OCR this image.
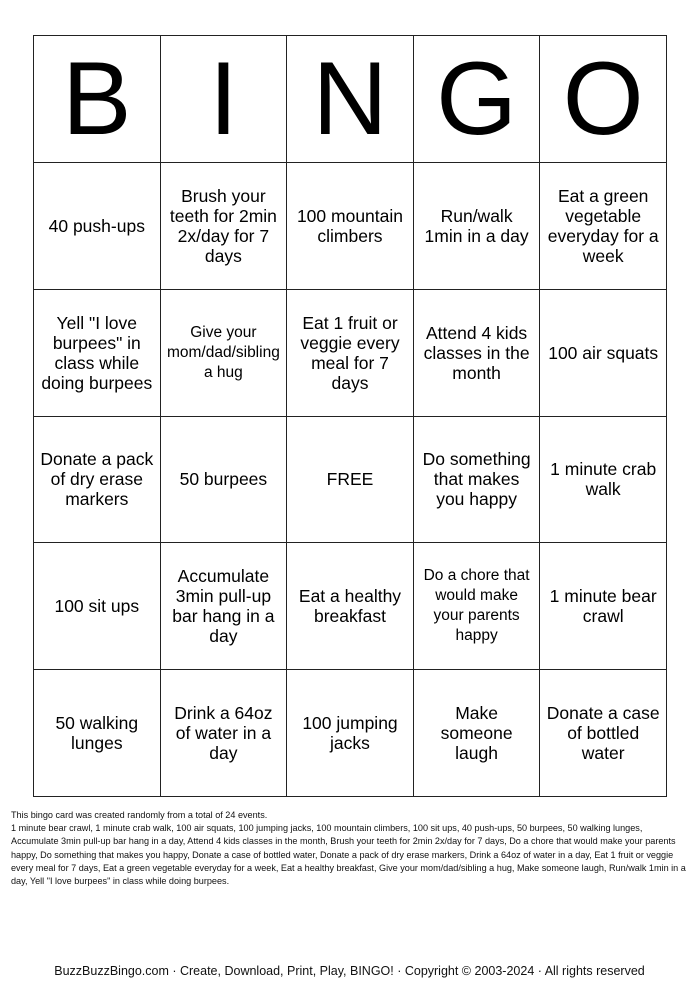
B I N G O
40 push-ups
Brush your teeth for 2min 2x/day for 7 days
100 mountain climbers
Run/walk 1min in a day
Eat a green vegetable everyday for a week
Yell "I love burpees" in class while doing burpees
Give your mom/dad/sibling a hug
Eat 1 fruit or veggie every meal for 7 days
Attend 4 kids classes in the month
100 air squats
Donate a pack of dry erase markers
50 burpees	FREE
Do something that makes you happy
1 minute crab walk
100 sit ups
Accumulate 3min pull-up bar hang in a day
Eat a healthy breakfast
Do a chore that would make your parents happy
1 minute bear crawl
50 walking lunges
Drink a 64oz of water in a day
100 jumping jacks
Make someone laugh
Donate a case of bottled water
This bingo card was created randomly from a total of 24 events.
1 minute bear crawl, 1 minute crab walk, 100 air squats, 100 jumping jacks, 100 mountain climbers, 100 sit ups, 40 push-ups, 50 burpees, 50 walking lunges, Accumulate 3min pull-up bar hang in a day, Attend 4 kids classes in the month, Brush your teeth for 2min 2x/day for 7 days, Do a chore that would make your parents happy, Do something that makes you happy, Donate a case of bottled water, Donate a pack of dry erase markers, Drink a 64oz of water in a day, Eat 1 fruit or veggie every meal for 7 days, Eat a green vegetable everyday for a week, Eat a healthy breakfast, Give your mom/dad/sibling a hug, Make someone laugh, Run/walk 1min in a day, Yell "I love burpees" in class while doing burpees.
BuzzBuzzBingo.com · Create, Download, Print, Play, BINGO! · Copyright © 2003-2024 · All rights reserved
